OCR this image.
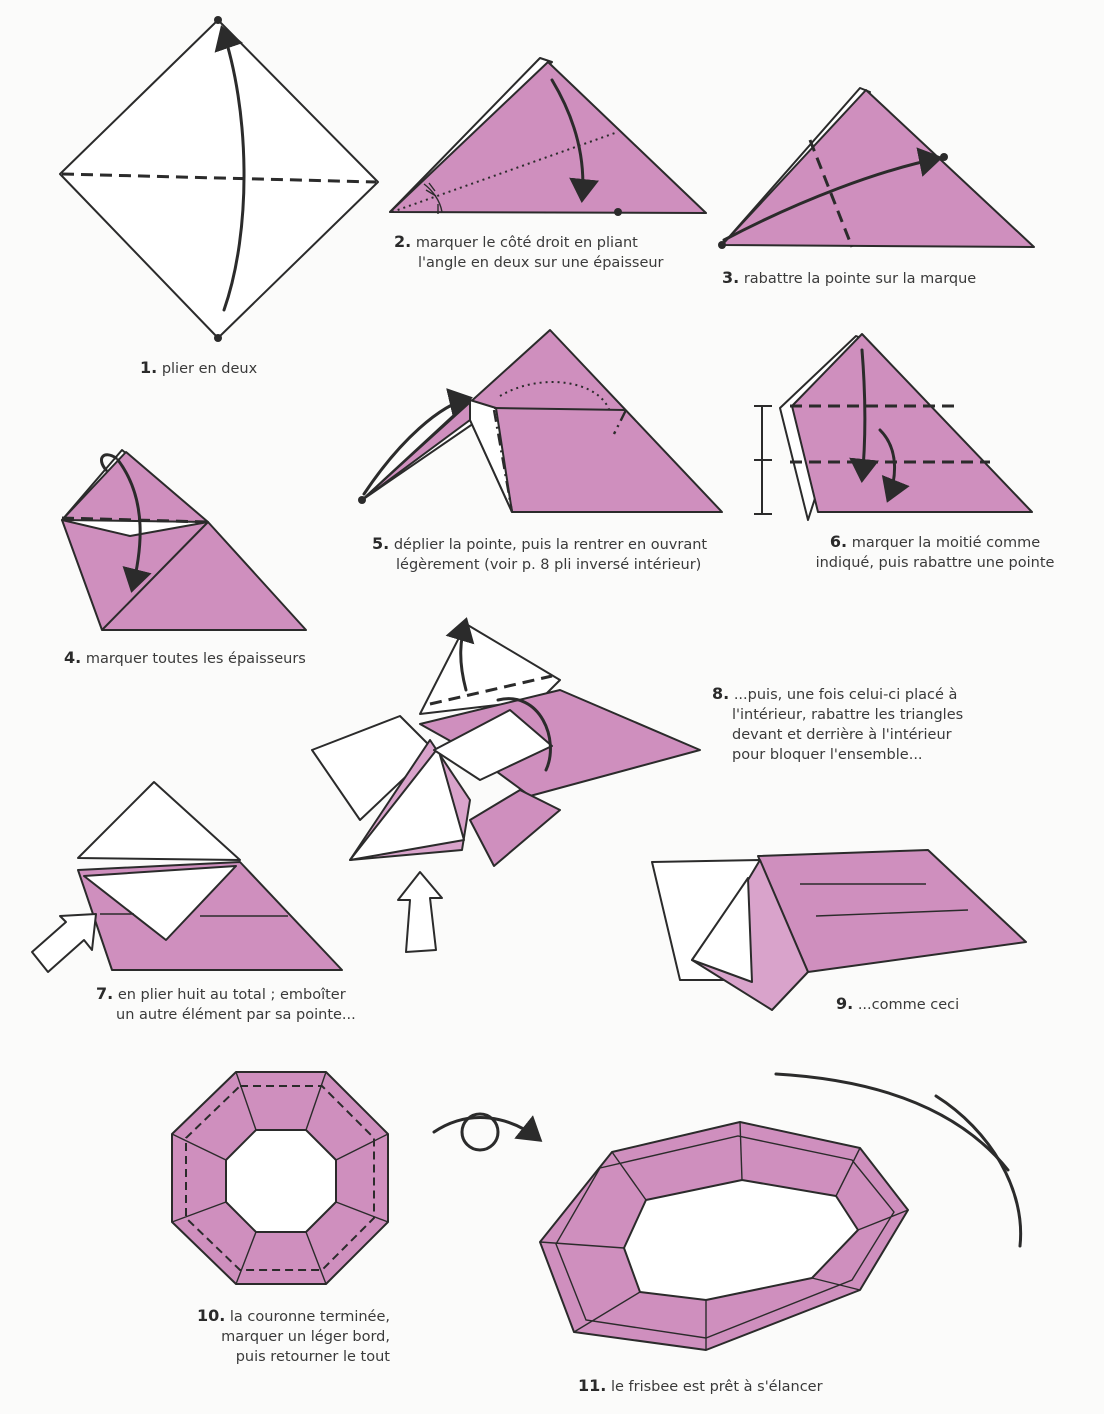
1. plier en deux
2. marquer le côté droit en pliant
l'angle en deux sur une épaisseur
3. rabattre la pointe sur la marque
4. marquer toutes les épaisseurs
5. déplier la pointe, puis la rentrer en ouvrant
légèrement (voir p. 8 pli inversé intérieur)
6. marquer la moitié comme
indiqué, puis rabattre une pointe
7. en plier huit au total ; emboîter
un autre élément par sa pointe...
8. ...puis, une fois celui-ci placé à
l'intérieur, rabattre les triangles
devant et derrière à l'intérieur
pour bloquer l'ensemble...
9. ...comme ceci
10. la couronne terminée,
marquer un léger bord,
puis retourner le tout
11. le frisbee est prêt à s'élancer
